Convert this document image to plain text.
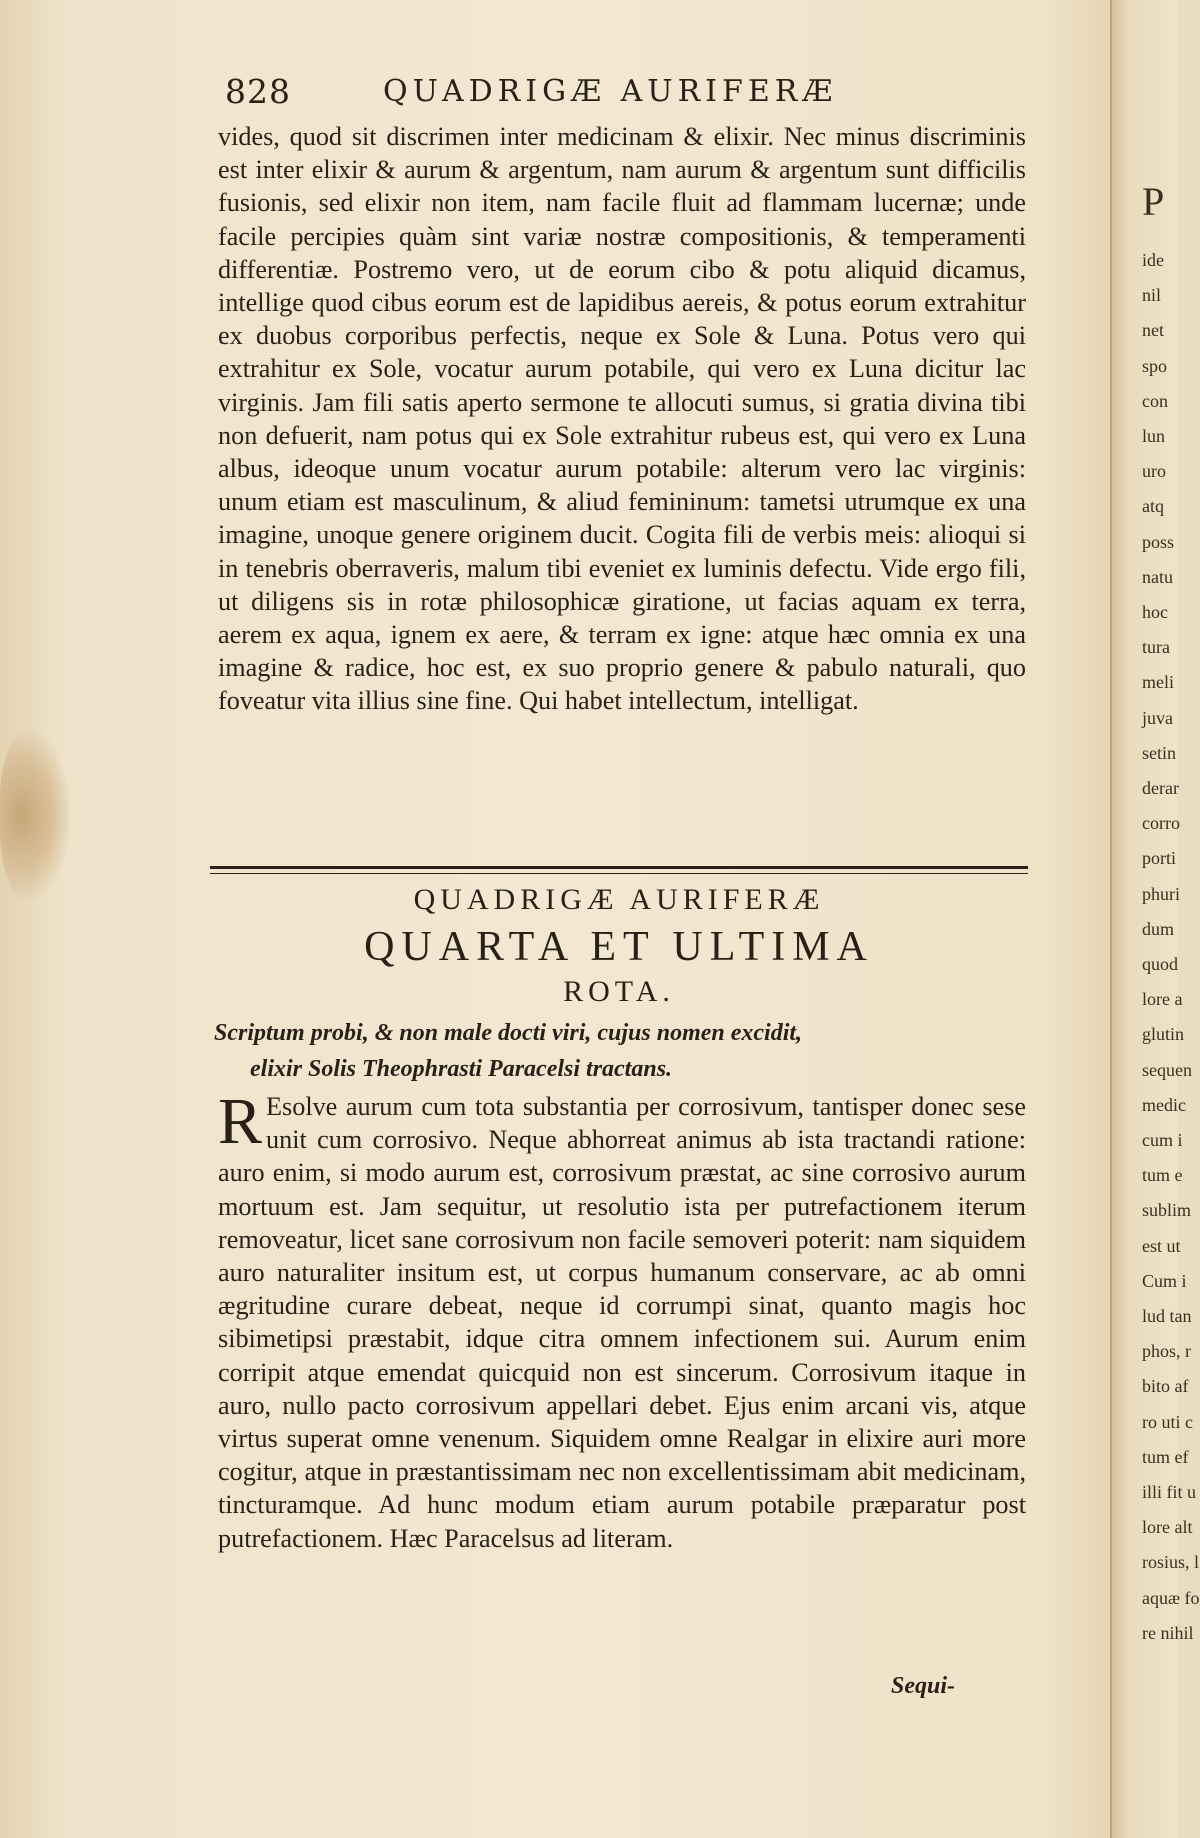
828	QUADRIGÆ AURIFERÆ
vides, quod sit discrimen inter medicinam & elixir. Nec minus discriminis est inter elixir & aurum & argentum, nam aurum & argentum sunt difficilis fusionis, sed elixir non item, nam facile fluit ad flammam lucernæ; unde facile percipies quàm sint variæ nostræ compositionis, & temperamenti differentiæ. Postremo vero, ut de eorum cibo & potu aliquid dicamus, intellige quod cibus eorum est de lapidibus aereis, & potus eorum extrahitur ex duobus corporibus perfectis, neque ex Sole & Luna. Potus vero qui extrahitur ex Sole, vocatur aurum potabile, qui vero ex Luna dicitur lac virginis. Jam fili satis aperto sermone te allocuti sumus, si gratia divina tibi non defuerit, nam potus qui ex Sole extrahitur rubeus est, qui vero ex Luna albus, ideoque unum vocatur aurum potabile: alterum vero lac virginis: unum etiam est masculinum, & aliud femininum: tametsi utrumque ex una imagine, unoque genere originem ducit. Cogita fili de verbis meis: alioqui si in tenebris oberraveris, malum tibi eveniet ex luminis defectu. Vide ergo fili, ut diligens sis in rotæ philosophicæ giratione, ut facias aquam ex terra, aerem ex aqua, ignem ex aere, & terram ex igne: atque hæc omnia ex una imagine & radice, hoc est, ex suo proprio genere & pabulo naturali, quo foveatur vita illius sine fine. Qui habet intellectum, intelligat.
QUADRIGÆ AURIFERÆ
QUARTA ET ULTIMA
ROTA.
Scriptum probi, & non male docti viri, cujus nomen excidit,
elixir Solis Theophrasti Paracelsi tractans.
R Esolve aurum cum tota substantia per corrosivum, tantisper donec sese unit cum corrosivo. Neque abhorreat animus ab ista tractandi ratione: auro enim, si modo aurum est, corrosivum præstat, ac sine corrosivo aurum mortuum est. Jam sequitur, ut resolutio ista per putrefactionem iterum removeatur, licet sane corrosivum non facile semoveri poterit: nam siquidem auro naturaliter insitum est, ut corpus humanum conservare, ac ab omni ægritudine curare debeat, neque id corrumpi sinat, quanto magis hoc sibimetipsi præstabit, idque citra omnem infectionem sui. Aurum enim corripit atque emendat quicquid non est sincerum. Corrosivum itaque in auro, nullo pacto corrosivum appellari debet. Ejus enim arcani vis, atque virtus superat omne venenum. Siquidem omne Realgar in elixire auri more cogitur, atque in præstantissimam nec non excellentissimam abit medicinam, tincturamque. Ad hunc modum etiam aurum potabile præparatur post putrefactionem. Hæc Paracelsus ad literam.
Sequi-
P
ide
nil
net
spo
con
lun
uro
atq
poss
natu
hoc
tura
meli
juva
setin
derar
corro
porti
phuri
dum
quod
lore a
glutin
sequen
medic
cum i
tum e
sublim
est ut
Cum i
lud tan
phos, r
bito af
ro uti c
tum ef
illi fit u
lore alt
rosius, l
aquæ fo
re nihil
